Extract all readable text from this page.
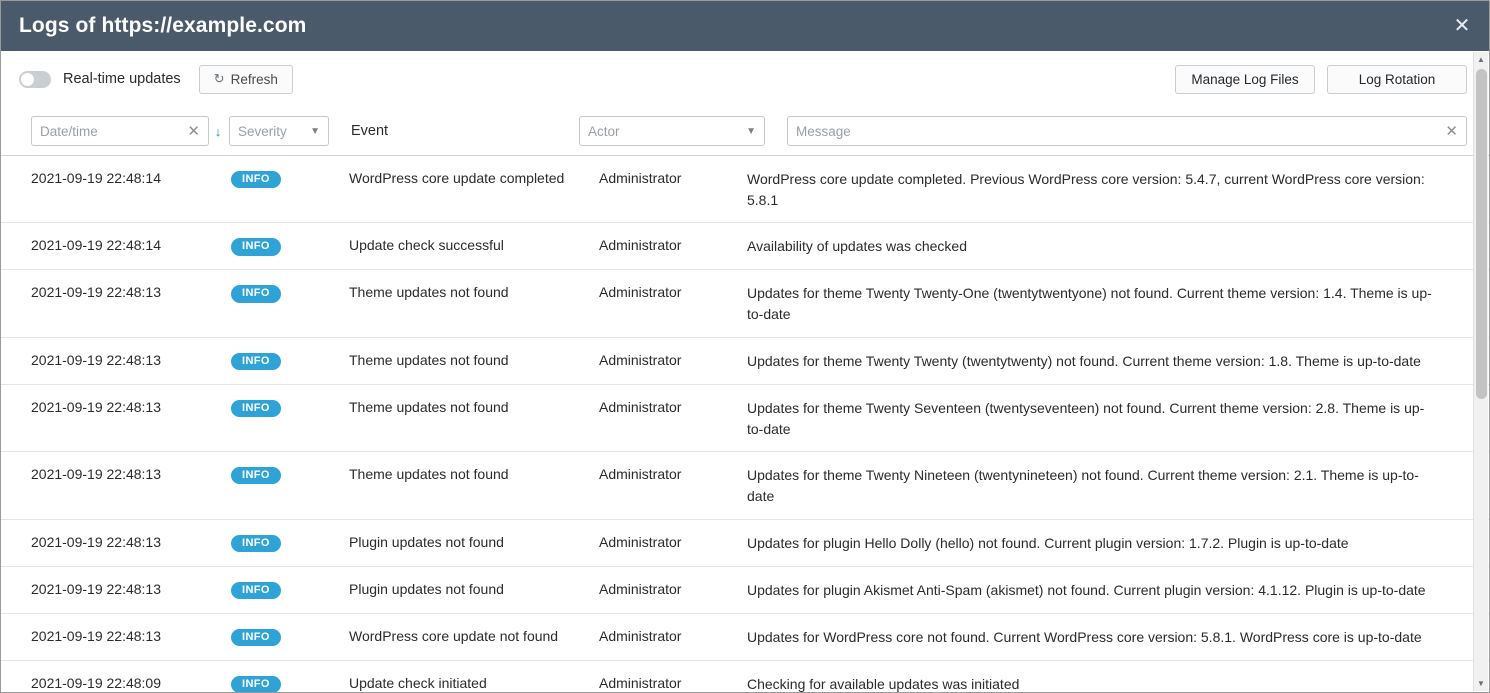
Logs of https://example.com	✕
Real-time updates	↻ Refresh	Manage Log Files	Log Rotation
Date/time	✕	↓	Severity	▼	Event	Actor	▼	Message	✕
2021-09-19 22:48:14	INFO	WordPress core update completed	Administrator	WordPress core update completed. Previous WordPress core version: 5.4.7, current WordPress core version: 5.8.1
2021-09-19 22:48:14	INFO	Update check successful	Administrator	Availability of updates was checked
2021-09-19 22:48:13	INFO	Theme updates not found	Administrator	Updates for theme Twenty Twenty-One (twentytwentyone) not found. Current theme version: 1.4. Theme is up-to-date
2021-09-19 22:48:13	INFO	Theme updates not found	Administrator	Updates for theme Twenty Twenty (twentytwenty) not found. Current theme version: 1.8. Theme is up-to-date
2021-09-19 22:48:13	INFO	Theme updates not found	Administrator	Updates for theme Twenty Seventeen (twentyseventeen) not found. Current theme version: 2.8. Theme is up-to-date
2021-09-19 22:48:13	INFO	Theme updates not found	Administrator	Updates for theme Twenty Nineteen (twentynineteen) not found. Current theme version: 2.1. Theme is up-to-date
2021-09-19 22:48:13	INFO	Plugin updates not found	Administrator	Updates for plugin Hello Dolly (hello) not found. Current plugin version: 1.7.2. Plugin is up-to-date
2021-09-19 22:48:13	INFO	Plugin updates not found	Administrator	Updates for plugin Akismet Anti-Spam (akismet) not found. Current plugin version: 4.1.12. Plugin is up-to-date
2021-09-19 22:48:13	INFO	WordPress core update not found	Administrator	Updates for WordPress core not found. Current WordPress core version: 5.8.1. WordPress core is up-to-date
2021-09-19 22:48:09	INFO	Update check initiated	Administrator	Checking for available updates was initiated
▲
▼
